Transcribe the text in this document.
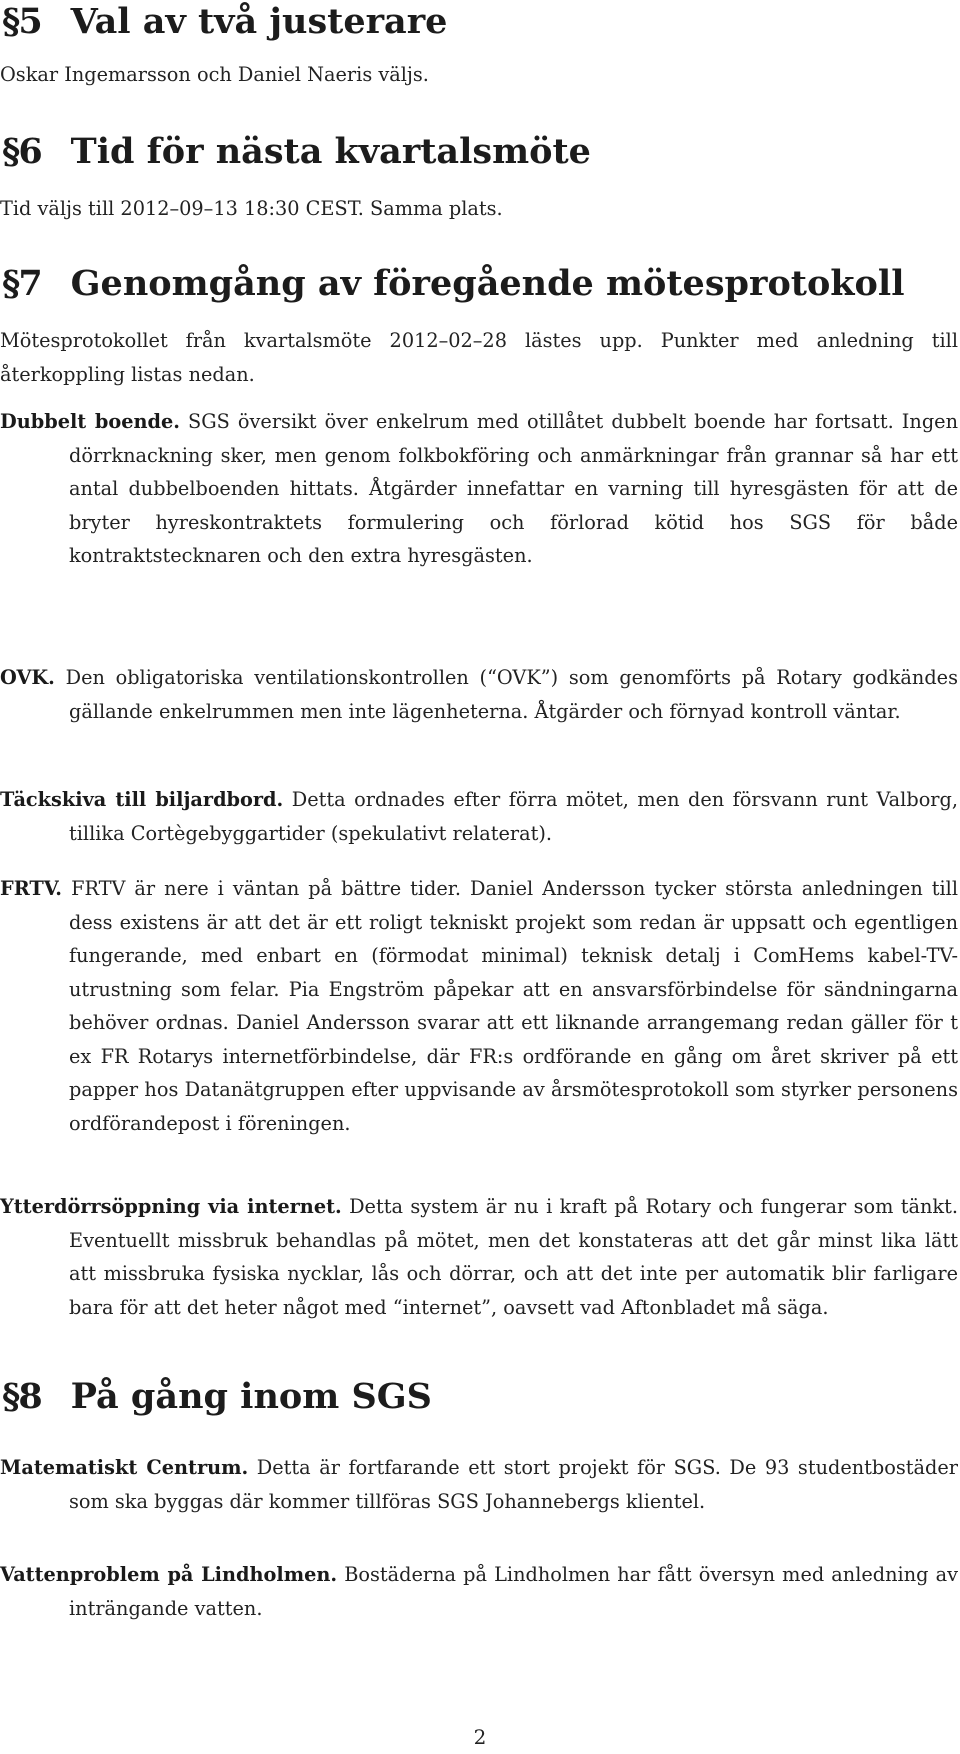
§5 Val av två justerare

Oskar Ingemarsson och Daniel Naeris väljs.

§6 Tid för nästa kvartalsmöte

Tid väljs till 2012–09–13 18:30 CEST. Samma plats.

§7 Genomgång av föregående mötesprotokoll

Mötesprotokollet från kvartalsmöte 2012–02–28 lästes upp. Punkter med anledning till återkoppling listas nedan.

Dubbelt boende. SGS översikt över enkelrum med otillåtet dubbelt boende har fortsatt. Ingen dörrknackning sker, men genom folkbokföring och anmärkningar från grannar så har ett antal dubbelboenden hittats. Åtgärder innefattar en varning till hyresgästen för att de bryter hyreskontraktets formulering och förlorad kötid hos SGS för både kontraktstecknaren och den extra hyresgästen.

OVK. Den obligatoriska ventilationskontrollen (“OVK”) som genomförts på Rotary godkändes gällande enkelrummen men inte lägenheterna. Åtgärder och förnyad kontroll väntar.

Täckskiva till biljardbord. Detta ordnades efter förra mötet, men den försvann runt Valborg, tillika Cortègebyggartider (spekulativt relaterat).

FRTV. FRTV är nere i väntan på bättre tider. Daniel Andersson tycker största anledningen till dess existens är att det är ett roligt tekniskt projekt som redan är uppsatt och egentligen fungerande, med enbart en (förmodat minimal) teknisk detalj i ComHems kabel-TV-utrustning som felar. Pia Engström påpekar att en ansvarsförbindelse för sändningarna behöver ordnas. Daniel Andersson svarar att ett liknande arrangemang redan gäller för t ex FR Rotarys internetförbindelse, där FR:s ordförande en gång om året skriver på ett papper hos Datanätgruppen efter uppvisande av årsmötesprotokoll som styrker personens ordförandepost i föreningen.

Ytterdörrsöppning via internet. Detta system är nu i kraft på Rotary och fungerar som tänkt. Eventuellt missbruk behandlas på mötet, men det konstateras att det går minst lika lätt att missbruka fysiska nycklar, lås och dörrar, och att det inte per automatik blir farligare bara för att det heter något med “internet”, oavsett vad Aftonbladet må säga.

§8 På gång inom SGS

Matematiskt Centrum. Detta är fortfarande ett stort projekt för SGS. De 93 studentbostäder som ska byggas där kommer tillföras SGS Johannebergs klientel.

Vattenproblem på Lindholmen. Bostäderna på Lindholmen har fått översyn med anledning av inträngande vatten.

2
